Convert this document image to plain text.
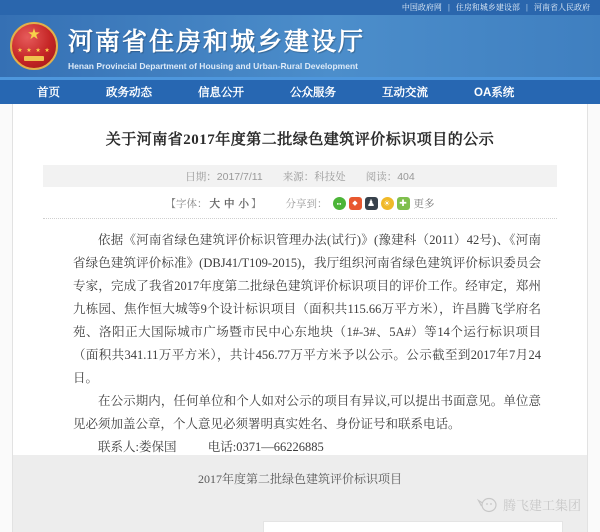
中国政府网 | 住房和城乡建设部 | 河南省人民政府
★
★ ★ ★ ★
河南省住房和城乡建设厅
Henan Provincial Department of Housing and Urban-Rural Development
首页	政务动态	信息公开	公众服务	互动交流	OA系统
关于河南省2017年度第二批绿色建筑评价标识项目的公示
日期：2017/7/11 来源：科技处 阅读：404
【字体： 大 中 小 】 分享到： ●● ◆ ♟ ☀ ✚	更多

依据《河南省绿色建筑评价标识管理办法(试行)》(豫建科（2011）42号)、《河南省绿色建筑评价标准》(DBJ41/T109-2015)，我厅组织河南省绿色建筑评价标识委员会专家，完成了我省2017年度第二批绿色建筑评价标识项目的评价工作。经审定，郑州九栋园、焦作恒大城等9个设计标识项目（面积共115.66万平方米），许昌腾飞学府名苑、洛阳正大国际城市广场暨市民中心东地块（1#-3#、5A#）等14个运行标识项目（面积共341.11万平方米），共计456.77万平方米予以公示。公示截至到2017年7月24日。

在公示期内，任何单位和个人如对公示的项目有异议,可以提出书面意见。单位意见必须加盖公章，个人意见必须署明真实姓名、身份证号和联系电话。

联系人:娄保国	电话:0371—66226885
2017年度第二批绿色建筑评价标识项目
腾飞建工集团
